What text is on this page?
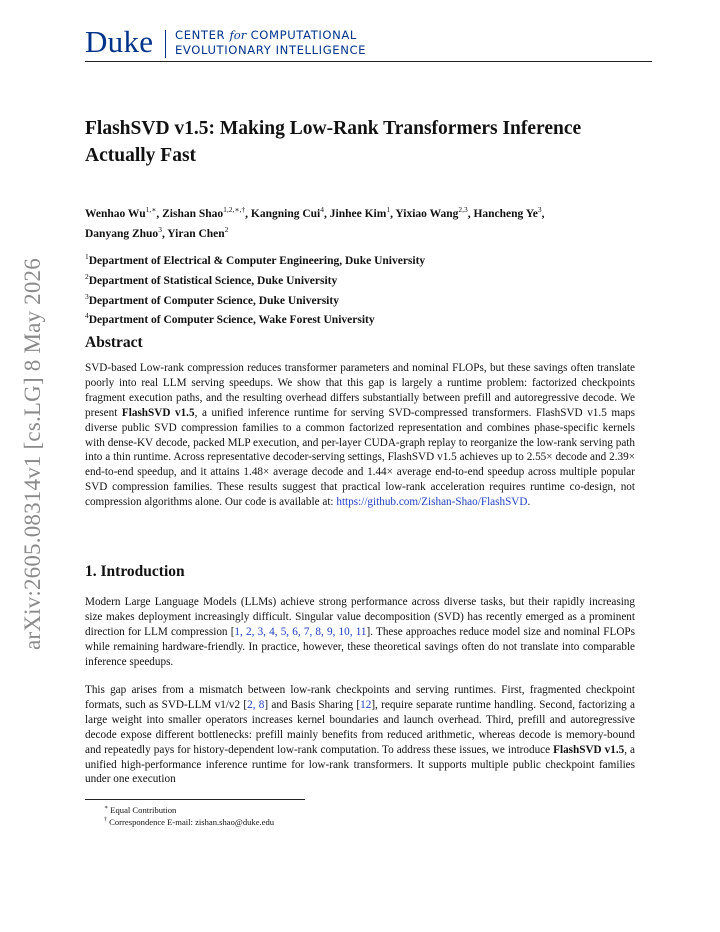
Duke CENTER for COMPUTATIONAL
EVOLUTIONARY INTELLIGENCE
arXiv:2605.08314v1 [cs.LG] 8 May 2026
FlashSVD v1.5: Making Low-Rank Transformers Inference Actually Fast
Wenhao $Wu^{1,∗}$, Zishan Shao$^{1,2,∗,\dagger}$, Kangning Cui$^4$, Jinhee Kim$^1$, Yixiao Wang$^{2,3}$, Hancheng Ye$^3$,
Danyang Zhuo$^3$, Yiran Chen$^2$
$^1$Department of Electrical & Computer Engineering, Duke University
$^2$Department of Statistical Science, Duke University
$^3$Department of Computer Science, Duke University
$^4$Department of Computer Science, Wake Forest University
Abstract
SVD-based Low-rank compression reduces transformer parameters and nominal FLOPs, but these savings often translate poorly into real LLM serving speedups. We show that this gap is largely a runtime problem: factorized checkpoints fragment execution paths, and the resulting overhead differs substantially between prefill and autoregressive decode. We present FlashSVD v1.5, a unified inference runtime for serving SVD-compressed transformers. FlashSVD v1.5 maps diverse public SVD compression families to a common factorized representation and combines phase-specific kernels with dense-KV decode, packed MLP execution, and per-layer CUDA-graph replay to reorganize the low-rank serving path into a thin runtime. Across representative decoder-serving settings, FlashSVD v1.5 achieves up to 2.55× decode and 2.39× end-to-end speedup, and it attains 1.48× average decode and 1.44× average end-to-end speedup across multiple popular SVD compression families. These results suggest that practical low-rank acceleration requires runtime co-design, not compression algorithms alone. Our code is available at: https://github.com/Zishan-Shao/FlashSVD.
1. Introduction
Modern Large Language Models (LLMs) achieve strong performance across diverse tasks, but their rapidly increasing size makes deployment increasingly difficult. Singular value decomposition (SVD) has recently emerged as a prominent direction for LLM compression [1, 2, 3, 4, 5, 6, 7, 8, 9, 10, 11]. These approaches reduce model size and nominal FLOPs while remaining hardware-friendly. In practice, however, these theoretical savings often do not translate into comparable inference speedups.
This gap arises from a mismatch between low-rank checkpoints and serving runtimes. First, fragmented checkpoint formats, such as SVD-LLM v1/v2 [2, 8] and Basis Sharing [12], require separate runtime handling. Second, factorizing a large weight into smaller operators increases kernel boundaries and launch overhead. Third, prefill and autoregressive decode expose different bottlenecks: prefill mainly benefits from reduced arithmetic, whereas decode is memory-bound and repeatedly pays for history-dependent low-rank computation. To address these issues, we introduce FlashSVD v1.5, a unified high-performance inference runtime for low-rank transformers. It supports multiple public checkpoint families under one execution
∗ Equal Contribution
† Correspondence E-mail: zishan.shao@duke.edu
